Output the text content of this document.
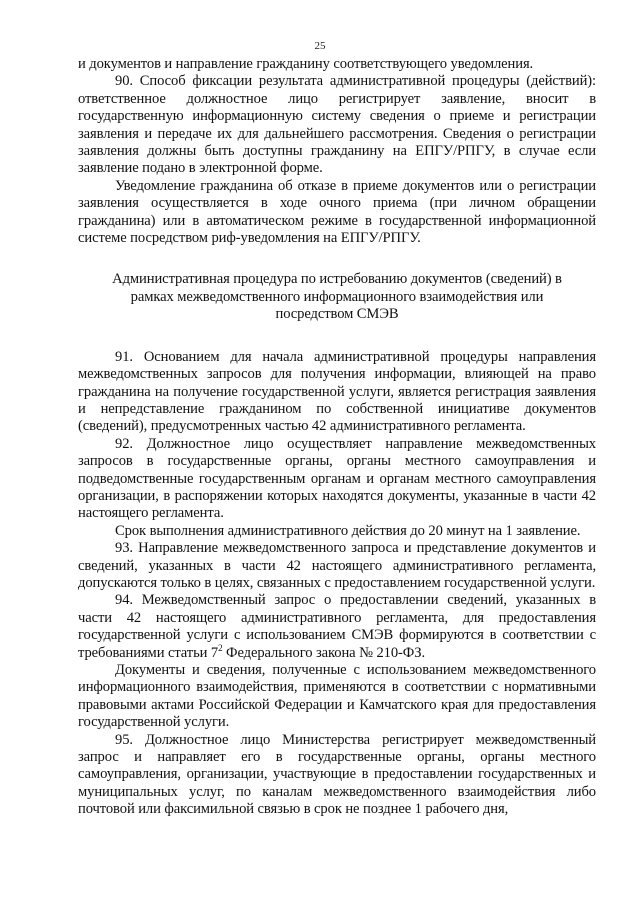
25

и документов и направление гражданину соответствующего уведомления.

90. Способ фиксации результата административной процедуры (действий): ответственное должностное лицо регистрирует заявление, вносит в государственную информационную систему сведения о приеме и регистрации заявления и передаче их для дальнейшего рассмотрения. Сведения о регистрации заявления должны быть доступны гражданину на ЕПГУ/РПГУ, в случае если заявление подано в электронной форме.

Уведомление гражданина об отказе в приеме документов или о регистрации заявления осуществляется в ходе очного приема (при личном обращении гражданина) или в автоматическом режиме в государственной информационной системе посредством риф-уведомления на ЕПГУ/РПГУ.

Административная процедура по истребованию документов (сведений) в рамках межведомственного информационного взаимодействия или посредством СМЭВ

91. Основанием для начала административной процедуры направления межведомственных запросов для получения информации, влияющей на право гражданина на получение государственной услуги, является регистрация заявления и непредставление гражданином по собственной инициативе документов (сведений), предусмотренных частью 42 административного регламента.

92. Должностное лицо осуществляет направление межведомственных запросов в государственные органы, органы местного самоуправления и подведомственные государственным органам и органам местного самоуправления организации, в распоряжении которых находятся документы, указанные в части 42 настоящего регламента.

Срок выполнения административного действия до 20 минут на 1 заявление.

93. Направление межведомственного запроса и представление документов и сведений, указанных в части 42 настоящего административного регламента, допускаются только в целях, связанных с предоставлением государственной услуги.

94. Межведомственный запрос о предоставлении сведений, указанных в части 42 настоящего административного регламента, для предоставления государственной услуги с использованием СМЭВ формируются в соответствии с требованиями статьи $7^2$ Федерального закона № 210-ФЗ.

Документы и сведения, полученные с использованием межведомственного информационного взаимодействия, применяются в соответствии с нормативными правовыми актами Российской Федерации и Камчатского края для предоставления государственной услуги.

95. Должностное лицо Министерства регистрирует межведомственный запрос и направляет его в государственные органы, органы местного самоуправления, организации, участвующие в предоставлении государственных и муниципальных услуг, по каналам межведомственного взаимодействия либо почтовой или факсимильной связью в срок не позднее 1 рабочего дня,
